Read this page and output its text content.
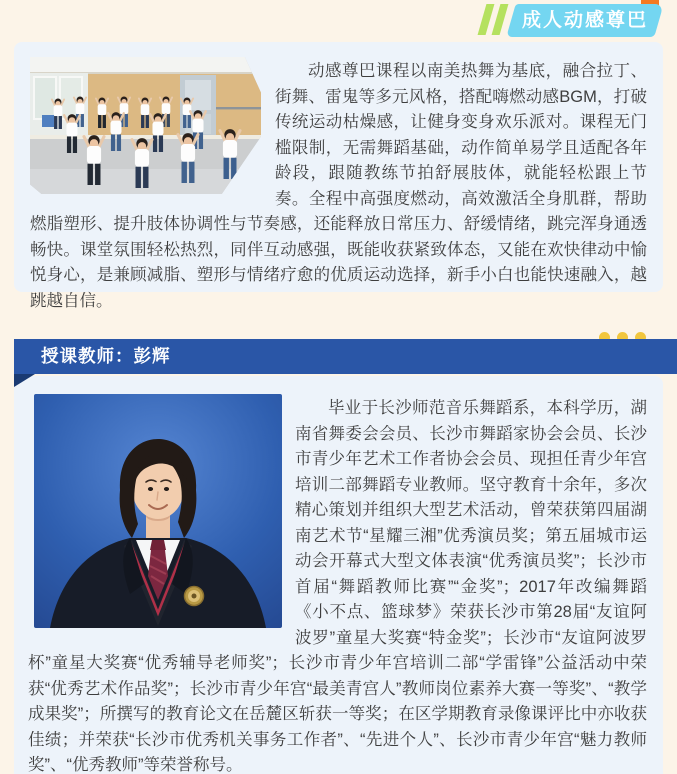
成人动感尊巴

动感尊巴课程以南美热舞为基底，融合拉丁、街舞、雷鬼等多元风格，搭配嗨燃动感BGM，打破传统运动枯燥感，让健身变身欢乐派对。课程无门槛限制，无需舞蹈基础，动作简单易学且适配各年龄段，跟随教练节拍舒展肢体，就能轻松跟上节奏。全程中高强度燃动，高效激活全身肌群，帮助燃脂塑形、提升肢体协调性与节奏感，还能释放日常压力、舒缓情绪，跳完浑身通透畅快。课堂氛围轻松热烈，同伴互动感强，既能收获紧致体态，又能在欢快律动中愉悦身心，是兼顾减脂、塑形与情绪疗愈的优质运动选择，新手小白也能快速融入，越跳越自信。

授课教师：彭辉

毕业于长沙师范音乐舞蹈系，本科学历，湖南省舞委会会员、长沙市舞蹈家协会会员、长沙市青少年艺术工作者协会会员、现担任青少年宫培训二部舞蹈专业教师。坚守教育十余年，多次精心策划并组织大型艺术活动，曾荣获第四届湖南艺术节“星耀三湘”优秀演员奖；第五届城市运动会开幕式大型文体表演“优秀演员奖”；长沙市首届“舞蹈教师比赛”“金奖”；2017年改编舞蹈《小不点、篮球梦》荣获长沙市第28届“友谊阿波罗”童星大奖赛“特金奖”；长沙市“友谊阿波罗杯”童星大奖赛“优秀辅导老师奖”；长沙市青少年宫培训二部“学雷锋”公益活动中荣获“优秀艺术作品奖”；长沙市青少年宫“最美青宫人”教师岗位素养大赛一等奖”、“教学成果奖”；所撰写的教育论文在岳麓区斩获一等奖；在区学期教育录像课评比中亦收获佳绩；并荣获“长沙市优秀机关事务工作者”、“先进个人”、长沙市青少年宫“魅力教师奖”、“优秀教师”等荣誉称号。
